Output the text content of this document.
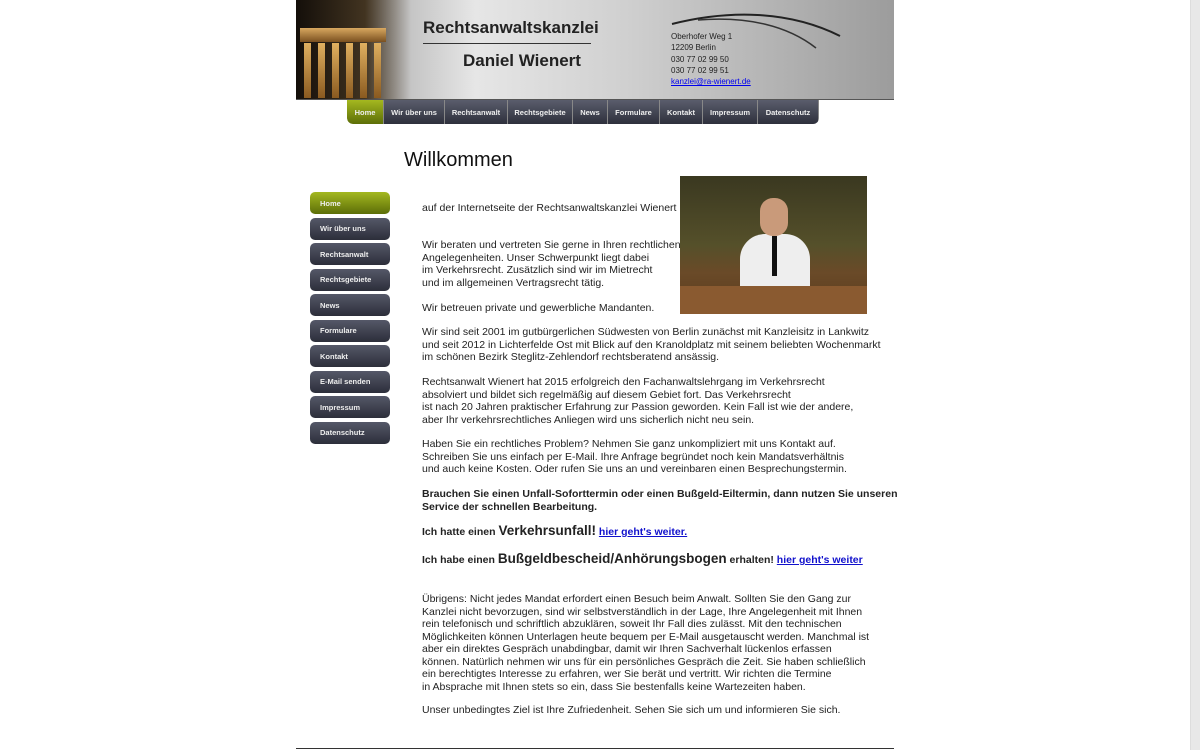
Rechtsanwaltskanzlei
Daniel Wienert
Oberhofer Weg 1
12209 Berlin
030 77 02 99 50
030 77 02 99 51
kanzlei@ra-wienert.de
Home	Wir über uns	Rechtsanwalt	Rechtsgebiete	News	Formulare	Kontakt	Impressum	Datenschutz
Home
Wir über uns
Rechtsanwalt
Rechtsgebiete
News
Formulare
Kontakt
E-Mail senden
Impressum
Datenschutz
Willkommen
auf der Internetseite der Rechtsanwaltskanzlei Wienert
Wir beraten und vertreten Sie gerne in Ihren rechtlichen
Angelegenheiten. Unser Schwerpunkt liegt dabei
im Verkehrsrecht. Zusätzlich sind wir im Mietrecht
und im allgemeinen Vertragsrecht tätig.
Wir betreuen private und gewerbliche Mandanten.
Wir sind seit 2001 im gutbürgerlichen Südwesten von Berlin zunächst mit Kanzleisitz in Lankwitz
und seit 2012 in Lichterfelde Ost mit Blick auf den Kranoldplatz mit seinem beliebten Wochenmarkt
im schönen Bezirk Steglitz-Zehlendorf rechtsberatend ansässig.
Rechtsanwalt Wienert hat 2015 erfolgreich den Fachanwaltslehrgang im Verkehrsrecht
absolviert und bildet sich regelmäßig auf diesem Gebiet fort. Das Verkehrsrecht
ist nach 20 Jahren praktischer Erfahrung zur Passion geworden. Kein Fall ist wie der andere,
aber Ihr verkehrsrechtliches Anliegen wird uns sicherlich nicht neu sein.
Haben Sie ein rechtliches Problem? Nehmen Sie ganz unkompliziert mit uns Kontakt auf.
Schreiben Sie uns einfach per E-Mail. Ihre Anfrage begründet noch kein Mandatsverhältnis
und auch keine Kosten. Oder rufen Sie uns an und vereinbaren einen Besprechungstermin.
Brauchen Sie einen Unfall-Soforttermin oder einen Bußgeld-Eiltermin, dann nutzen Sie unseren
Service der schnellen Bearbeitung.
Ich hatte einen Verkehrsunfall! hier geht's weiter.
Ich habe einen Bußgeldbescheid/Anhörungsbogen erhalten! hier geht's weiter
Übrigens: Nicht jedes Mandat erfordert einen Besuch beim Anwalt. Sollten Sie den Gang zur
Kanzlei nicht bevorzugen, sind wir selbstverständlich in der Lage, Ihre Angelegenheit mit Ihnen
rein telefonisch und schriftlich abzuklären, soweit Ihr Fall dies zulässt. Mit den technischen
Möglichkeiten können Unterlagen heute bequem per E-Mail ausgetauscht werden. Manchmal ist
aber ein direktes Gespräch unabdingbar, damit wir Ihren Sachverhalt lückenlos erfassen
können. Natürlich nehmen wir uns für ein persönliches Gespräch die Zeit. Sie haben schließlich
ein berechtigtes Interesse zu erfahren, wer Sie berät und vertritt. Wir richten die Termine
in Absprache mit Ihnen stets so ein, dass Sie bestenfalls keine Wartezeiten haben.
Unser unbedingtes Ziel ist Ihre Zufriedenheit. Sehen Sie sich um und informieren Sie sich.
